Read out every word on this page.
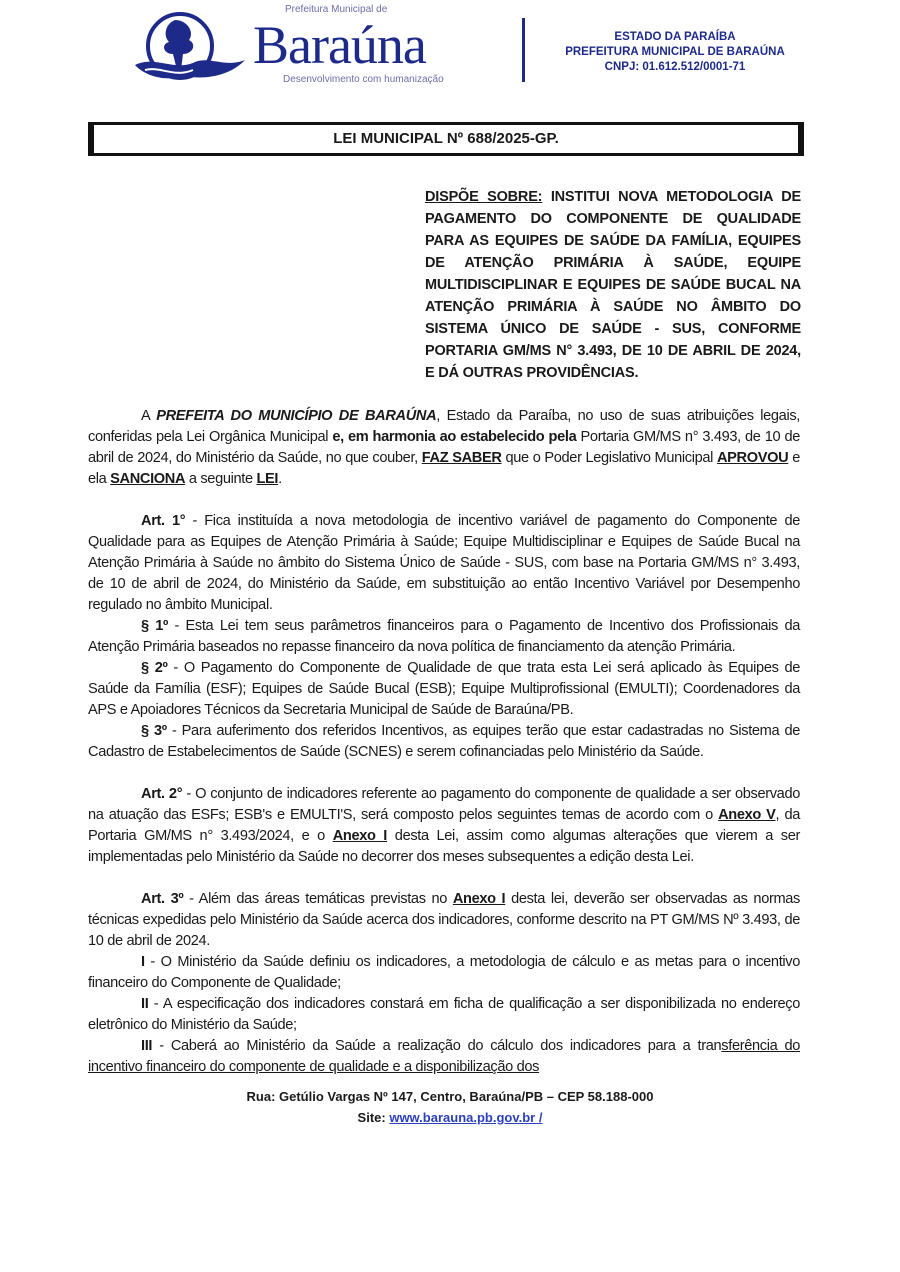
Prefeitura Municipal de
Baraúna
Desenvolvimento com humanização
ESTADO DA PARAÍBA
PREFEITURA MUNICIPAL DE BARAÚNA
CNPJ: 01.612.512/0001-71
LEI MUNICIPAL Nº 688/2025-GP.
DISPÕE SOBRE: INSTITUI NOVA METODOLOGIA DE PAGAMENTO DO COMPONENTE DE QUALIDADE PARA AS EQUIPES DE SAÚDE DA FAMÍLIA, EQUIPES DE ATENÇÃO PRIMÁRIA À SAÚDE, EQUIPE MULTIDISCIPLINAR E EQUIPES DE SAÚDE BUCAL NA ATENÇÃO PRIMÁRIA À SAÚDE NO ÂMBITO DO SISTEMA ÚNICO DE SAÚDE - SUS, CONFORME PORTARIA GM/MS N° 3.493, DE 10 DE ABRIL DE 2024, E DÁ OUTRAS PROVIDÊNCIAS.

A PREFEITA DO MUNICÍPIO DE BARAÚNA, Estado da Paraíba, no uso de suas atribuições legais, conferidas pela Lei Orgânica Municipal e, em harmonia ao estabelecido pela Portaria GM/MS n° 3.493, de 10 de abril de 2024, do Ministério da Saúde, no que couber, FAZ SABER que o Poder Legislativo Municipal APROVOU e ela SANCIONA a seguinte LEI.

Art. 1° - Fica instituída a nova metodologia de incentivo variável de pagamento do Componente de Qualidade para as Equipes de Atenção Primária à Saúde; Equipe Multidisciplinar e Equipes de Saúde Bucal na Atenção Primária à Saúde no âmbito do Sistema Único de Saúde - SUS, com base na Portaria GM/MS n° 3.493, de 10 de abril de 2024, do Ministério da Saúde, em substituição ao então Incentivo Variável por Desempenho regulado no âmbito Municipal.

§ 1º - Esta Lei tem seus parâmetros financeiros para o Pagamento de Incentivo dos Profissionais da Atenção Primária baseados no repasse financeiro da nova política de financiamento da atenção Primária.

§ 2º - O Pagamento do Componente de Qualidade de que trata esta Lei será aplicado às Equipes de Saúde da Família (ESF); Equipes de Saúde Bucal (ESB); Equipe Multiprofissional (EMULTI); Coordenadores da APS e Apoiadores Técnicos da Secretaria Municipal de Saúde de Baraúna/PB.

§ 3º - Para auferimento dos referidos Incentivos, as equipes terão que estar cadastradas no Sistema de Cadastro de Estabelecimentos de Saúde (SCNES) e serem cofinanciadas pelo Ministério da Saúde.

Art. 2° - O conjunto de indicadores referente ao pagamento do componente de qualidade a ser observado na atuação das ESFs; ESB's e EMULTI'S, será composto pelos seguintes temas de acordo com o Anexo V, da Portaria GM/MS n° 3.493/2024, e o Anexo I desta Lei, assim como algumas alterações que vierem a ser implementadas pelo Ministério da Saúde no decorrer dos meses subsequentes a edição desta Lei.

Art. 3º - Além das áreas temáticas previstas no Anexo I desta lei, deverão ser observadas as normas técnicas expedidas pelo Ministério da Saúde acerca dos indicadores, conforme descrito na PT GM/MS Nº 3.493, de 10 de abril de 2024.

I - O Ministério da Saúde definiu os indicadores, a metodologia de cálculo e as metas para o incentivo financeiro do Componente de Qualidade;

II - A especificação dos indicadores constará em ficha de qualificação a ser disponibilizada no endereço eletrônico do Ministério da Saúde;

III - Caberá ao Ministério da Saúde a realização do cálculo dos indicadores para a transferência do incentivo financeiro do componente de qualidade e a disponibilização dos

Rua: Getúlio Vargas Nº 147, Centro, Baraúna/PB – CEP 58.188-000
Site: www.barauna.pb.gov.br /
